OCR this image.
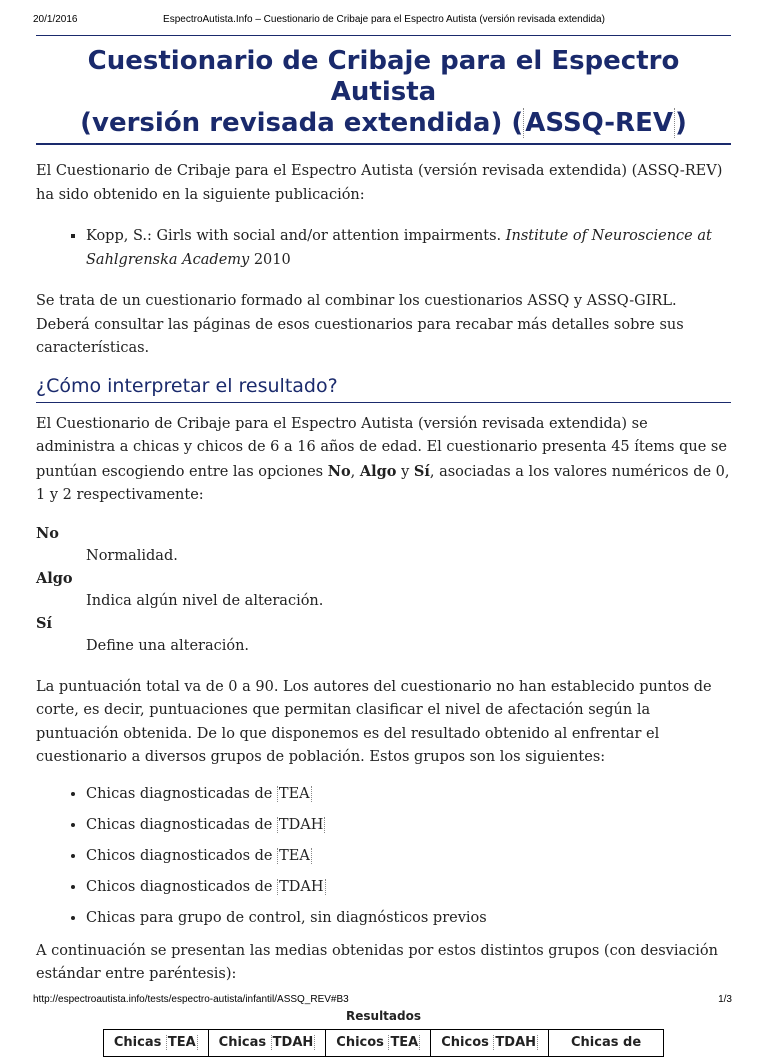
20/1/2016	EspectroAutista.Info – Cuestionario de Cribaje para el Espectro Autista (versión revisada extendida)
Cuestionario de Cribaje para el Espectro Autista
(versión revisada extendida) (ASSQ-REV)

El Cuestionario de Cribaje para el Espectro Autista (versión revisada extendida) (ASSQ-REV) ha sido obtenido en la siguiente publicación:

▪ Kopp, S.: Girls with social and/or attention impairments. Institute of Neuroscience at Sahlgrenska Academy 2010

Se trata de un cuestionario formado al combinar los cuestionarios ASSQ y ASSQ-GIRL. Deberá consultar las páginas de esos cuestionarios para recabar más detalles sobre sus características.

¿Cómo interpretar el resultado?

El Cuestionario de Cribaje para el Espectro Autista (versión revisada extendida) se administra a chicas y chicos de 6 a 16 años de edad. El cuestionario presenta 45 ítems que se puntúan escogiendo entre las opciones No, Algo y Sí, asociadas a los valores numéricos de 0, 1 y 2 respectivamente:

No
Normalidad.
Algo
Indica algún nivel de alteración.
Sí
Define una alteración.

La puntuación total va de 0 a 90. Los autores del cuestionario no han establecido puntos de corte, es decir, puntuaciones que permitan clasificar el nivel de afectación según la puntuación obtenida. De lo que disponemos es del resultado obtenido al enfrentar el cuestionario a diversos grupos de población. Estos grupos son los siguientes:

• Chicas diagnosticadas de TEA
• Chicas diagnosticadas de TDAH
• Chicos diagnosticados de TEA
• Chicos diagnosticados de TDAH
• Chicas para grupo de control, sin diagnósticos previos

A continuación se presentan las medias obtenidas por estos distintos grupos (con desviación estándar entre paréntesis):

Resultados
Chicas TEA	Chicas TDAH	Chicos TEA	Chicos TDAH	Chicas de
http://espectroautista.info/tests/espectro-autista/infantil/ASSQ_REV#B3	1/3
